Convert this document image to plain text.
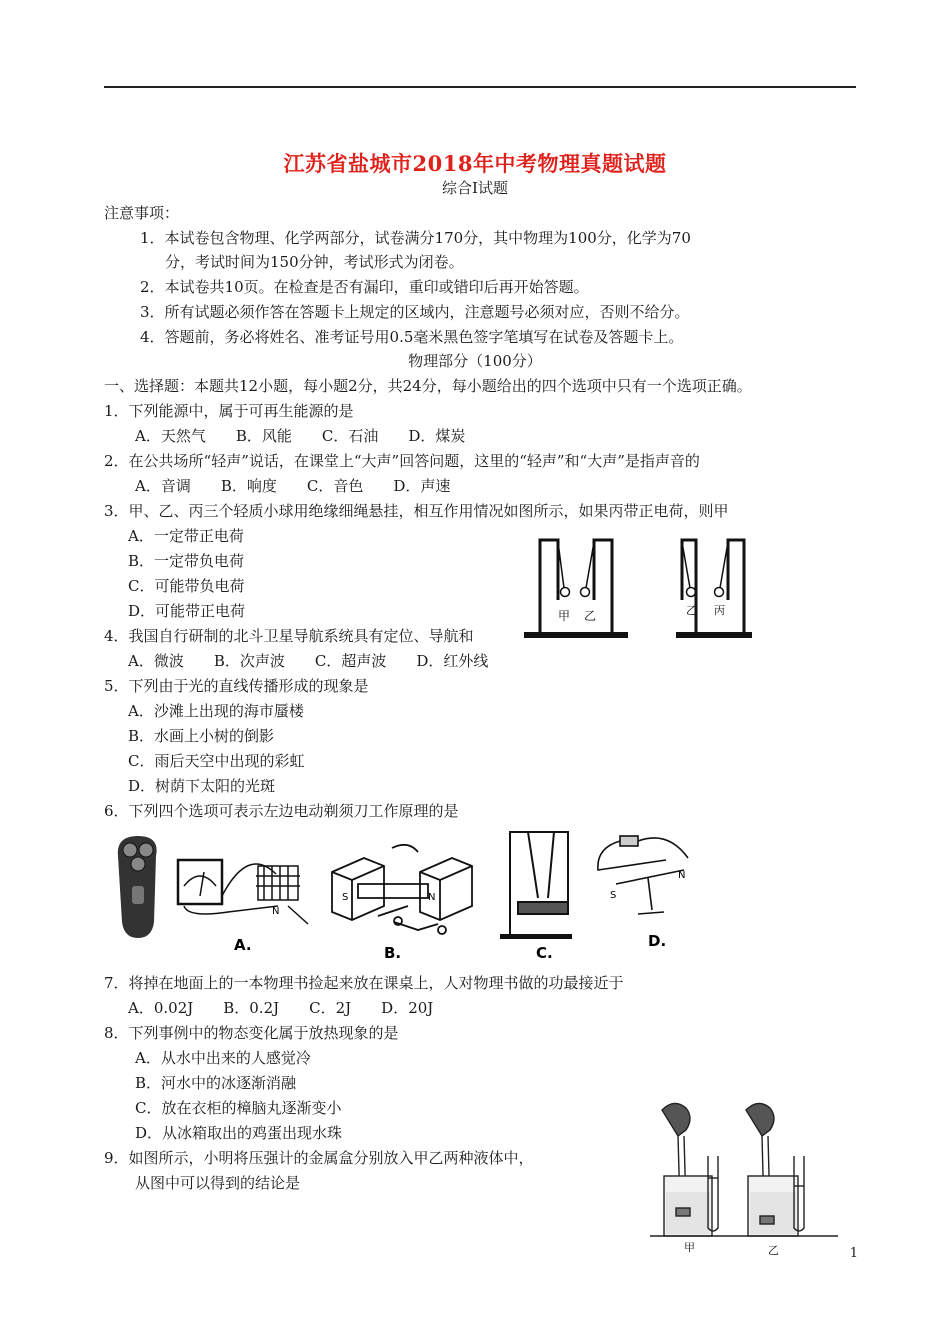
江苏省盐城市2018年中考物理真题试题
综合Ⅰ试题
注意事项：
1．本试卷包含物理、化学两部分，试卷满分170分，其中物理为100分，化学为70
分，考试时间为150分钟，考试形式为闭卷。
2．本试卷共10页。在检查是否有漏印，重印或错印后再开始答题。
3．所有试题必须作答在答题卡上规定的区域内，注意题号必须对应，否则不给分。
4．答题前，务必将姓名、准考证号用0.5毫米黑色签字笔填写在试卷及答题卡上。
物理部分（100分）
一、选择题：本题共12小题，每小题2分，共24分，每小题给出的四个选项中只有一个选项正确。
1．下列能源中，属于可再生能源的是
A．天然气　　B．风能　　C．石油　　D．煤炭
2．在公共场所“轻声”说话，在课堂上“大声”回答问题，这里的“轻声”和“大声”是指声音的
A．音调　　B．响度　　C．音色　　D．声速
3．甲、乙、丙三个轻质小球用绝缘细绳悬挂，相互作用情况如图所示，如果丙带正电荷，则甲
A．一定带正电荷
B．一定带负电荷
C．可能带负电荷
D．可能带正电荷
4．我国自行研制的北斗卫星导航系统具有定位、导航和
A．微波　　B．次声波　　C．超声波　　D．红外线
甲 乙	乙 丙
5．下列由于光的直线传播形成的现象是
A．沙滩上出现的海市蜃楼
B．水画上小树的倒影
C．雨后天空中出现的彩虹
D．树荫下太阳的光斑
6．下列四个选项可表示左边电动剃须刀工作原理的是
N
A.
S	N
B.	C.
S
N
D.
7．将掉在地面上的一本物理书捡起来放在课桌上，人对物理书做的功最接近于
A．0.02J　　B．0.2J　　C．2J　　D．20J
8．下列事例中的物态变化属于放热现象的是
A．从水中出来的人感觉冷
B．河水中的冰逐渐消融
C．放在衣柜的樟脑丸逐渐变小
D．从冰箱取出的鸡蛋出现水珠
9．如图所示，小明将压强计的金属盒分别放入甲乙两种液体中，
从图中可以得到的结论是
甲	乙	1
